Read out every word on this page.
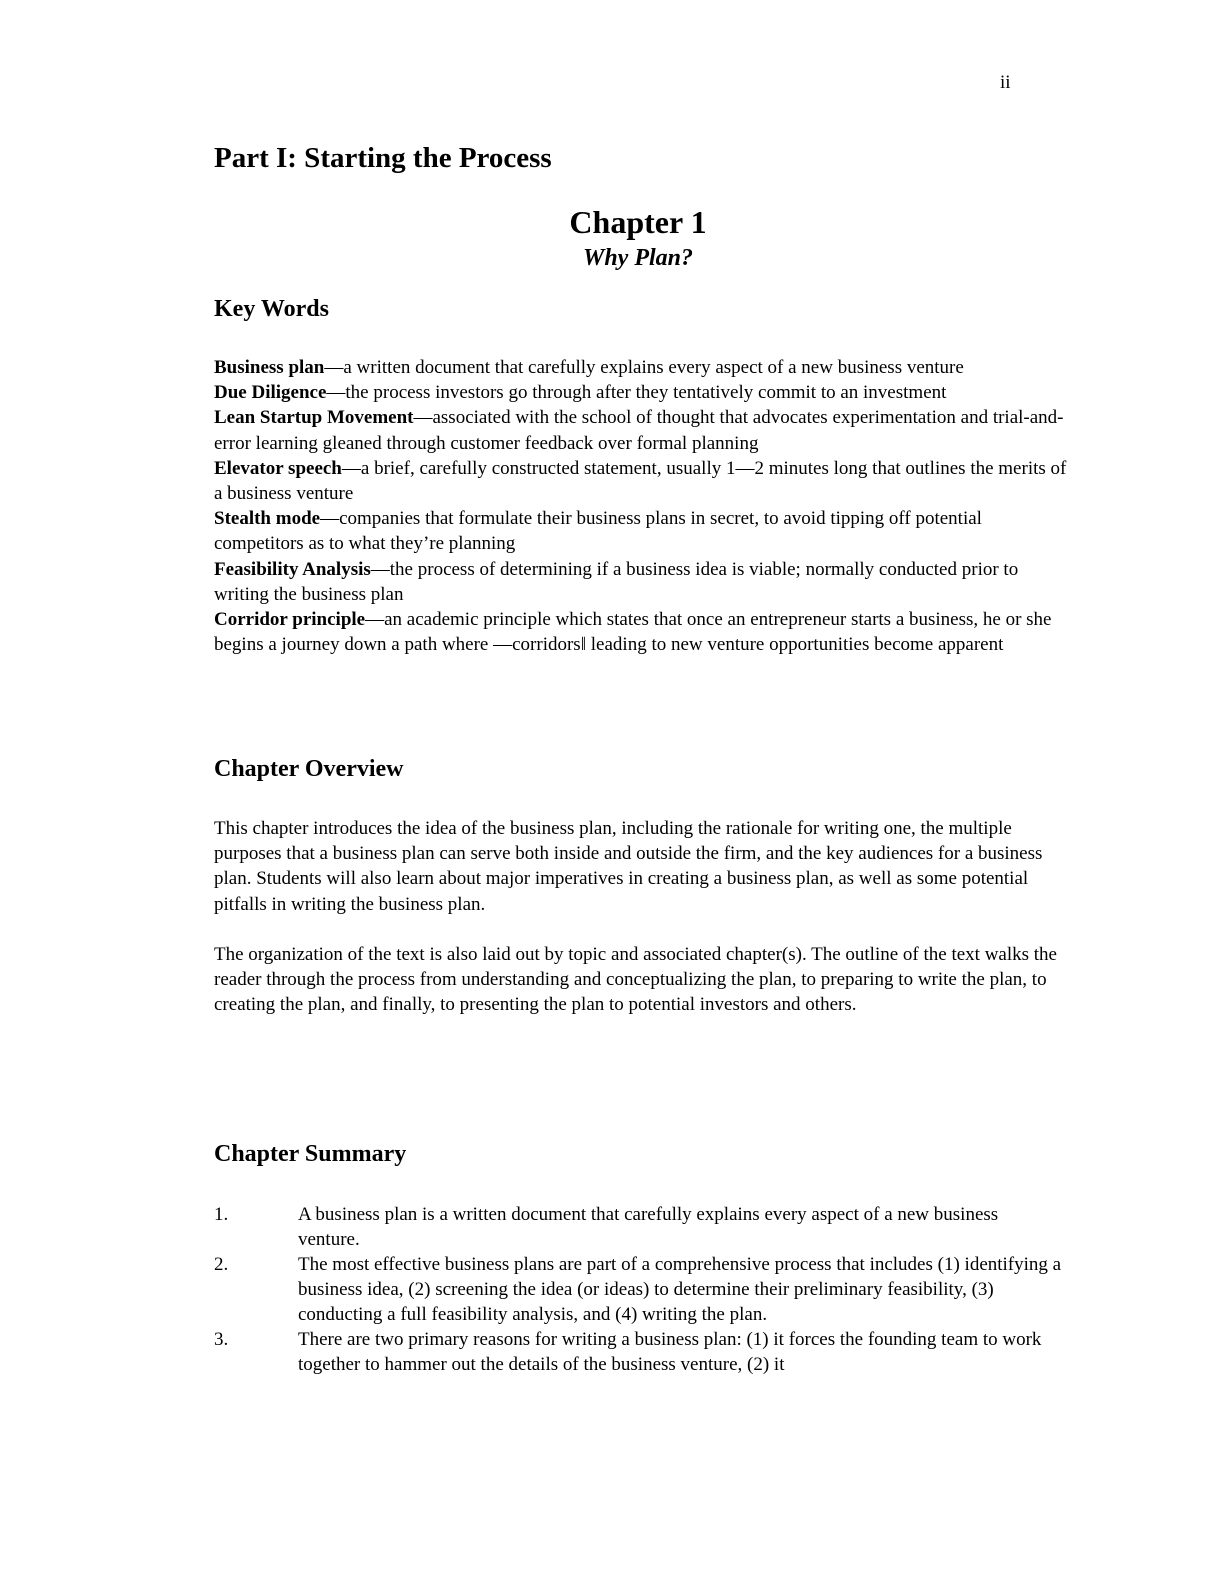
ii
Part I: Starting the Process
Chapter 1
Why Plan?
Key Words

Business plan—a written document that carefully explains every aspect of a new business venture

Due Diligence—the process investors go through after they tentatively commit to an investment

Lean Startup Movement—associated with the school of thought that advocates experimentation and trial-and-error learning gleaned through customer feedback over formal planning

Elevator speech—a brief, carefully constructed statement, usually 1—2 minutes long that outlines the merits of a business venture

Stealth mode—companies that formulate their business plans in secret, to avoid tipping off potential competitors as to what they’re planning

Feasibility Analysis—the process of determining if a business idea is viable; normally conducted prior to writing the business plan

Corridor principle—an academic principle which states that once an entrepreneur starts a business, he or she begins a journey down a path where ―corridors‖ leading to new venture opportunities become apparent

Chapter Overview

This chapter introduces the idea of the business plan, including the rationale for writing one, the multiple purposes that a business plan can serve both inside and outside the firm, and the key audiences for a business plan. Students will also learn about major imperatives in creating a business plan, as well as some potential pitfalls in writing the business plan.

The organization of the text is also laid out by topic and associated chapter(s). The outline of the text walks the reader through the process from understanding and conceptualizing the plan, to preparing to write the plan, to creating the plan, and finally, to presenting the plan to potential investors and others.

Chapter Summary
1.	A business plan is a written document that carefully explains every aspect of a new business venture.
2.	The most effective business plans are part of a comprehensive process that includes (1) identifying a business idea, (2) screening the idea (or ideas) to determine their preliminary feasibility, (3) conducting a full feasibility analysis, and (4) writing the plan.
3.	There are two primary reasons for writing a business plan: (1) it forces the founding team to work together to hammer out the details of the business venture, (2) it
